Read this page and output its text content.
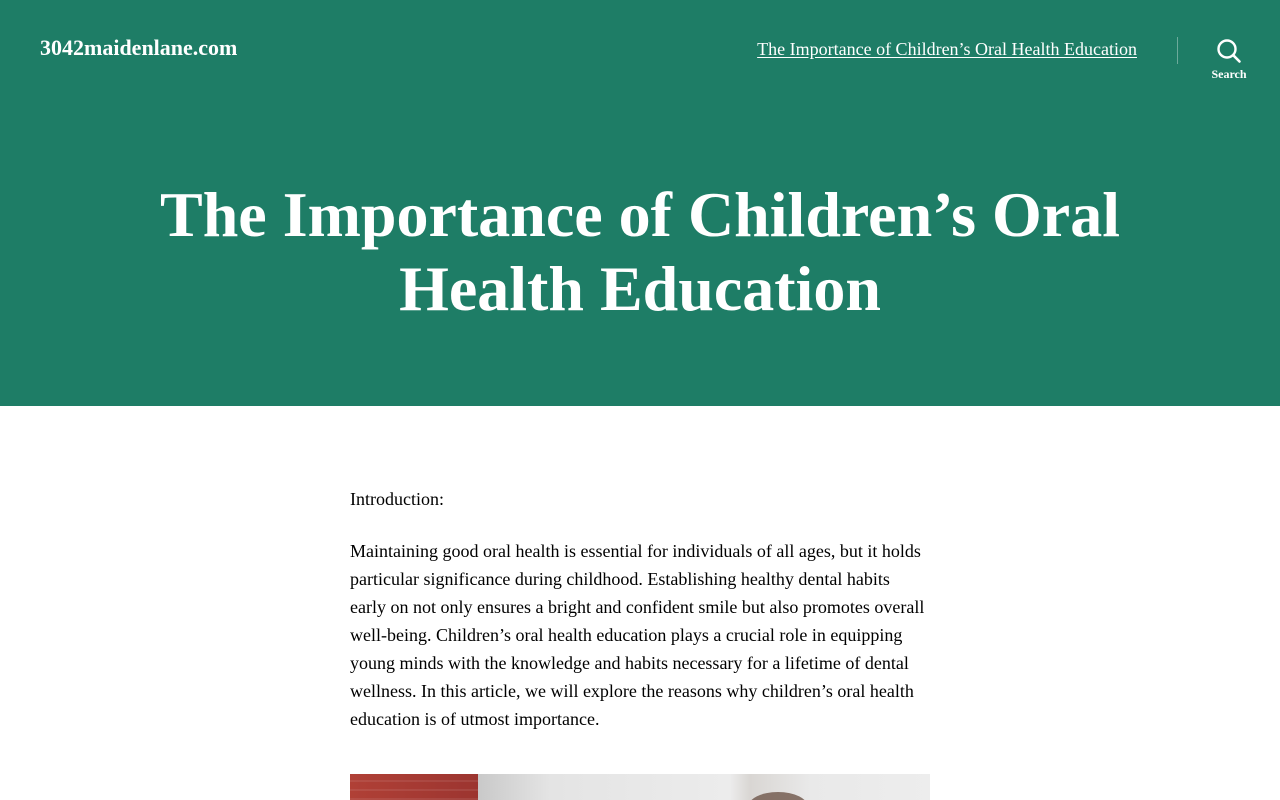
3042maidenlane.com	The Importance of Children’s Oral Health Education
Search
The Importance of Children’s Oral Health Education

Introduction:

Maintaining good oral health is essential for individuals of all ages, but it holds particular significance during childhood. Establishing healthy dental habits early on not only ensures a bright and confident smile but also promotes overall well-being. Children’s oral health education plays a crucial role in equipping young minds with the knowledge and habits necessary for a lifetime of dental wellness. In this article, we will explore the reasons why children’s oral health education is of utmost importance.
